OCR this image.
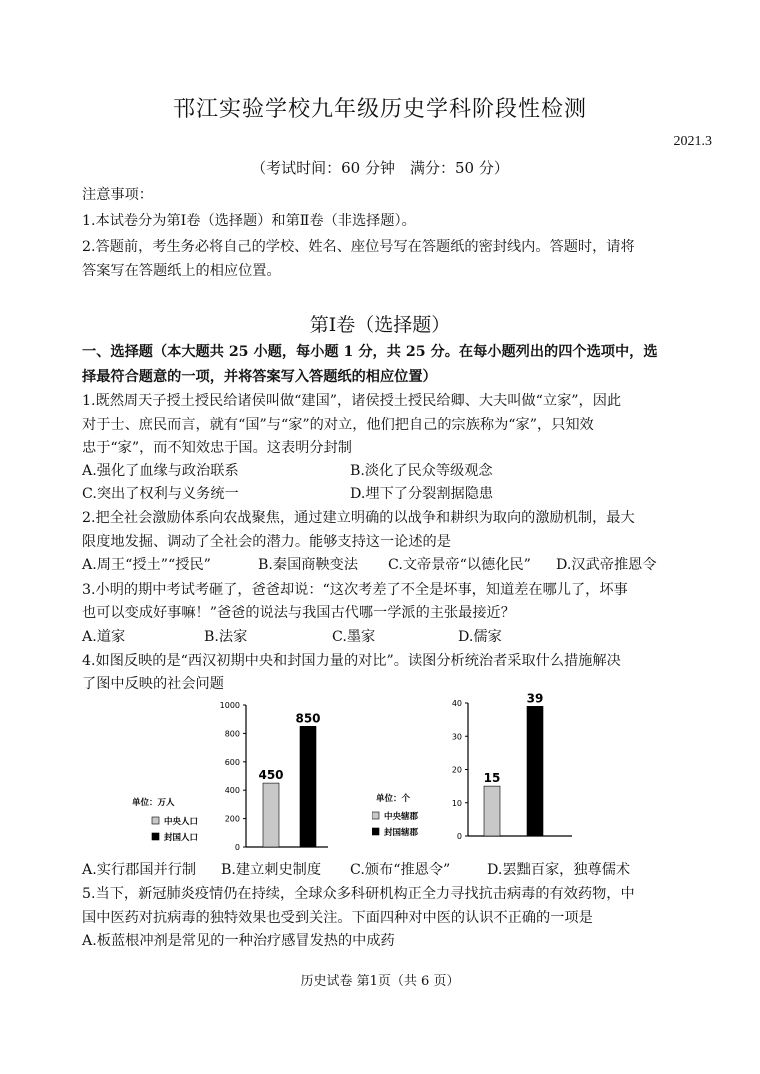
邗江实验学校九年级历史学科阶段性检测
2021.3
（考试时间：60 分钟　满分：50 分）
注意事项：
1.本试卷分为第Ⅰ卷（选择题）和第Ⅱ卷（非选择题）。
2.答题前，考生务必将自己的学校、姓名、座位号写在答题纸的密封线内。答题时，请将
答案写在答题纸上的相应位置。
第Ⅰ卷（选择题）
一、选择题（本大题共 25 小题，每小题 1 分，共 25 分。在每小题列出的四个选项中，选
择最符合题意的一项，并将答案写入答题纸的相应位置）
1.既然周天子授土授民给诸侯叫做“建国”，诸侯授土授民给卿、大夫叫做“立家”，因此
对于士、庶民而言，就有“国”与“家”的对立，他们把自己的宗族称为“家”，只知效
忠于“家”，而不知效忠于国。这表明分封制
A.强化了血缘与政治联系	B.淡化了民众等级观念
C.突出了权利与义务统一	D.埋下了分裂割据隐患
2.把全社会激励体系向农战聚焦，通过建立明确的以战争和耕织为取向的激励机制，最大
限度地发掘、调动了全社会的潜力。能够支持这一论述的是
A.周王“授土”“授民”	B.秦国商鞅变法 C.文帝景帝“以德化民” D.汉武帝推恩令
3.小明的期中考试考砸了，爸爸却说：“这次考差了不全是坏事，知道差在哪儿了，坏事
也可以变成好事嘛！”爸爸的说法与我国古代哪一学派的主张最接近？
A.道家	B.法家	C.墨家	D.儒家
4.如图反映的是“西汉初期中央和封国力量的对比”。读图分析统治者采取什么措施解决
了图中反映的社会问题
0
200
400
600
800
1000
450
850
单位：万人
中央人口
封国人口	0
10
20
30
40
15
39
单位：个
中央辖郡
封国辖郡
A.实行郡国并行制 B.建立刺史制度 C.颁布“推恩令”	D.罢黜百家，独尊儒术
5.当下，新冠肺炎疫情仍在持续，全球众多科研机构正全力寻找抗击病毒的有效药物，中
国中医药对抗病毒的独特效果也受到关注。下面四种对中医的认识不正确的一项是
A.板蓝根冲剂是常见的一种治疗感冒发热的中成药
历史试卷 第1页（共 6 页）
